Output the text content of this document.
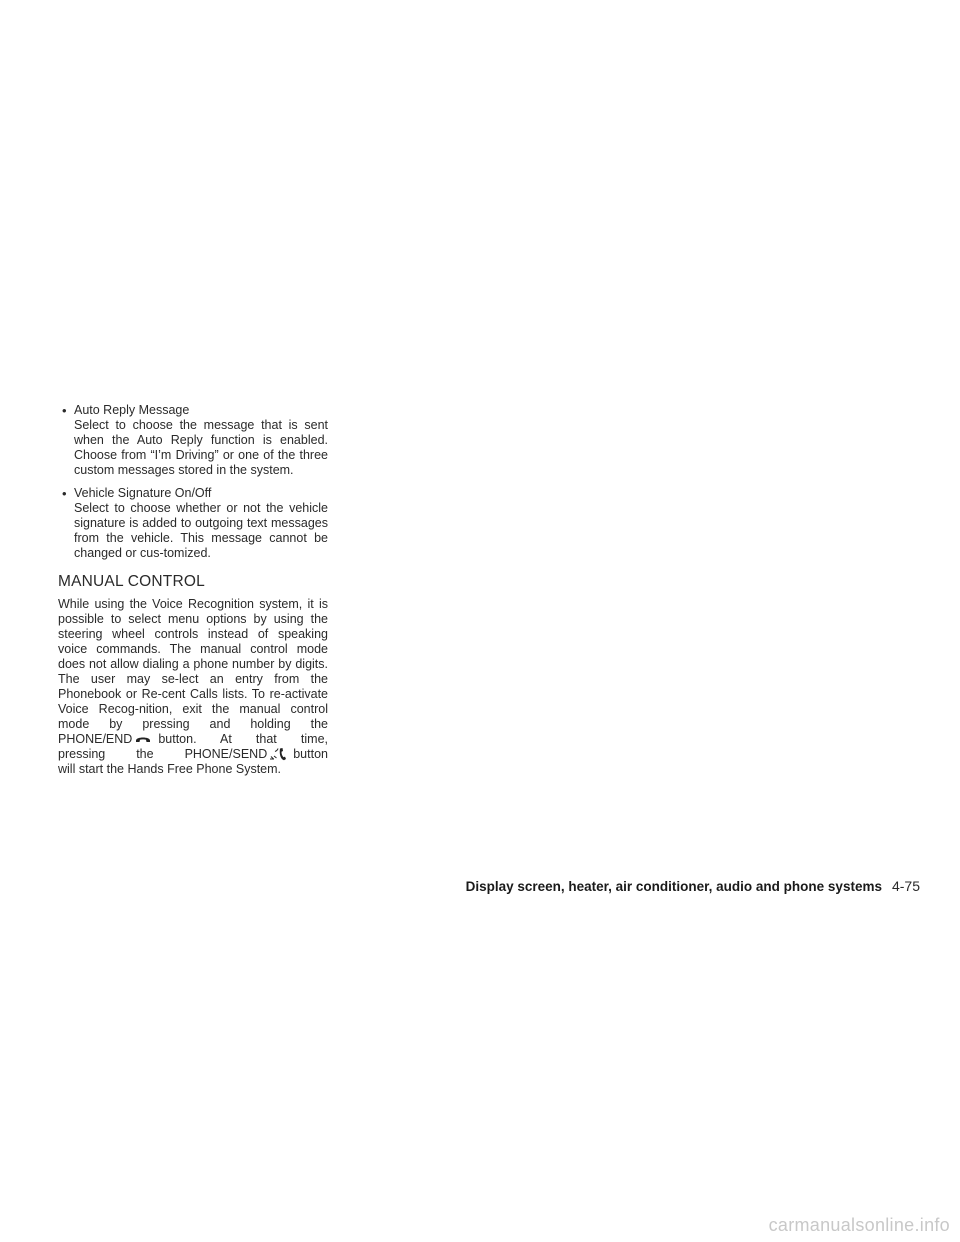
• Auto Reply Message
Select to choose the message that is sent when the Auto Reply function is enabled. Choose from “I’m Driving” or one of the three custom messages stored in the system.
• Vehicle Signature On/Off
Select to choose whether or not the vehicle signature is added to outgoing text messages from the vehicle. This message cannot be changed or cus-tomized.
MANUAL CONTROL
While using the Voice Recognition system, it is possible to select menu options by using the steering wheel controls instead of speaking voice commands. The manual control mode does not allow dialing a phone number by digits. The user may se-lect an entry from the Phonebook or Re-cent Calls lists. To re-activate Voice Recog-nition, exit the manual control mode by pressing and holding the
PHONE/END button. At that time,
pressing the PHONE/SEND button
will start the Hands Free Phone System.
Display screen, heater, air conditioner, audio and phone systems 4-75
carmanualsonline.info
